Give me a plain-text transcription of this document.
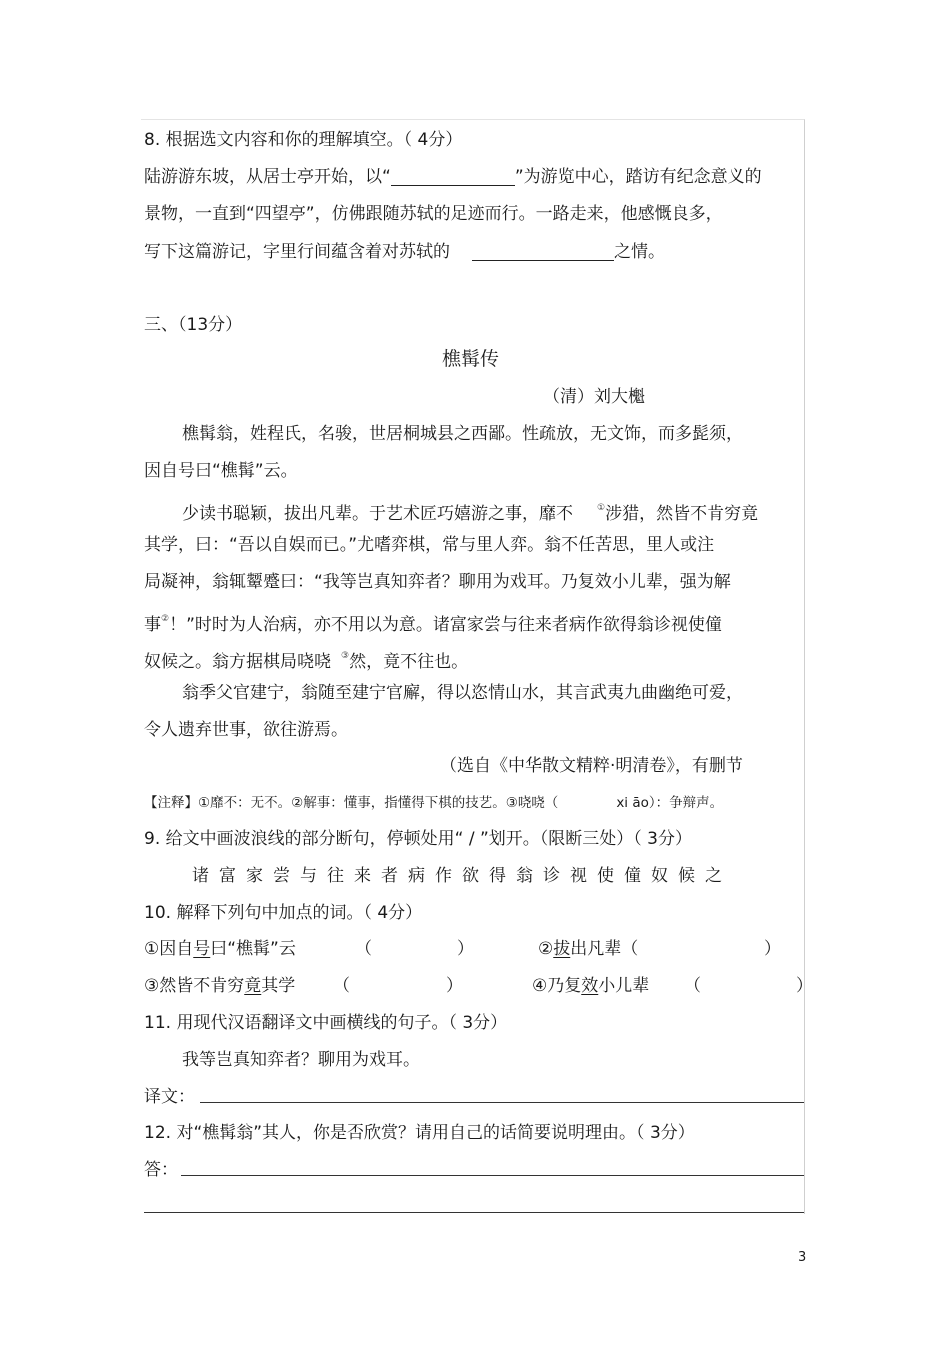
8. 根据选文内容和你的理解填空。（ 4分）
陆游游东坡，从居士亭开始，以“	”为游览中心，踏访有纪念意义的
景物，一直到“四望亭”，仿佛跟随苏轼的足迹而行。一路走来，他感慨良多，
写下这篇游记，字里行间蕴含着对苏轼的	之情。
三、（13分）
樵髯传
（清）刘大櫆
樵髯翁，姓程氏，名骏，世居桐城县之西鄙。性疏放，无文饰，而多髭须，
因自号曰“樵髯”云。
少读书聪颖，拔出凡辈。于艺术匠巧嬉游之事，靡不	①涉猎，然皆不肯穷竟
其学，曰：“吾以自娱而已。”尤嗜弈棋，常与里人弈。翁不任苦思，里人或注
局凝神，翁辄颦蹙曰：“我等岂真知弈者？聊用为戏耳。乃复效小儿辈，强为解
事②！”时时为人治病，亦不用以为意。诸富家尝与往来者病作欲得翁诊视使僮
奴候之。翁方据棋局哓哓 ③然，竟不往也。
翁季父官建宁，翁随至建宁官廨，得以恣情山水，其言武夷九曲幽绝可爱，
令人遗弃世事，欲往游焉。
（选自《中华散文精粹·明清卷》，有删节
【注释】①靡不：无不。②解事：懂事，指懂得下棋的技艺。③哓哓（	xi āo）：争辩声。
9. 给文中画波浪线的部分断句，停顿处用“ / ”划开。（限断三处）（ 3分）
诸富家尝与往来者病作欲得翁诊视使僮奴候之
10. 解释下列句中加点的词。（ 4分）
①因自号曰“樵髯”云	（	）	②拔出凡辈（	）
③然皆不肯穷竟其学 （	）	④乃复效小儿辈 （	）
11. 用现代汉语翻译文中画横线的句子。（ 3分）
我等岂真知弈者？聊用为戏耳。
译文：
12. 对“樵髯翁”其人，你是否欣赏？请用自己的话简要说明理由。（ 3分）
答：
3
